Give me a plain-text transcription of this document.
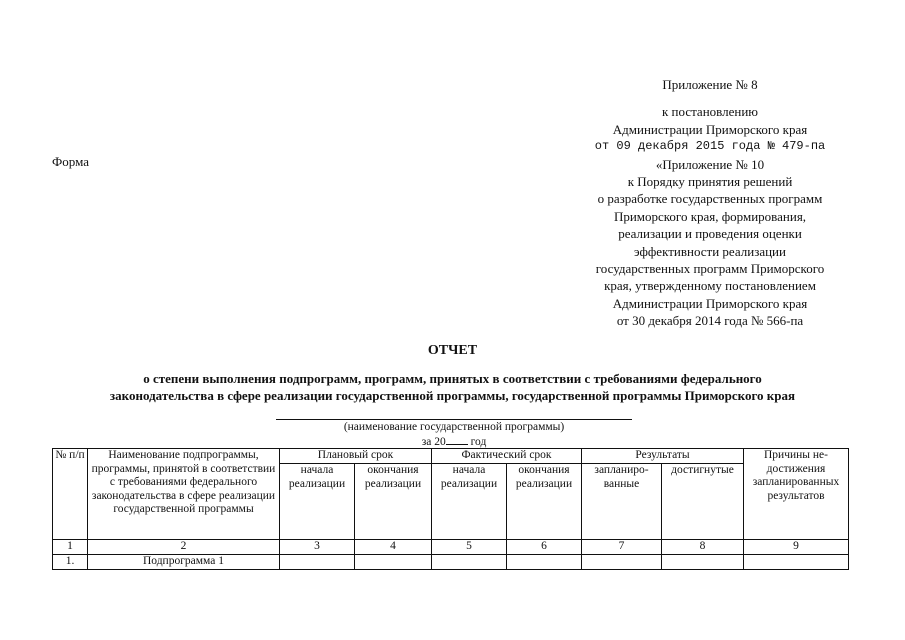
Приложение № 8
к постановлению
Администрации Приморского края
от 09 декабря 2015 года № 479-па
«Приложение № 10
к Порядку принятия решений
о разработке государственных программ
Приморского края, формирования,
реализации и проведения оценки
эффективности реализации
государственных программ Приморского
края, утвержденному постановлением
Администрации Приморского края
от 30 декабря 2014 года № 566-па
Форма
ОТЧЕТ
о степени выполнения подпрограмм, программ, принятых в соответствии с требованиями федерального
законодательства в сфере реализации государственной программы, государственной программы Приморского края
(наименование государственной программы)
за 20 год
№ п/п	Наименование подпрограммы, программы, принятой в соответствии с требованиями федерального законодательства в сфере реализации государственной программы	Плановый срок		Фактический срок		Результаты		Причины не-достижения запланированных результатов
		начала реализации	окончания реализации	начала реализации	окончания реализации	запланиро-ванные	достигнутые	
1	2	3	4	5	6	7	8	9
1.	Подпрограмма 1							
